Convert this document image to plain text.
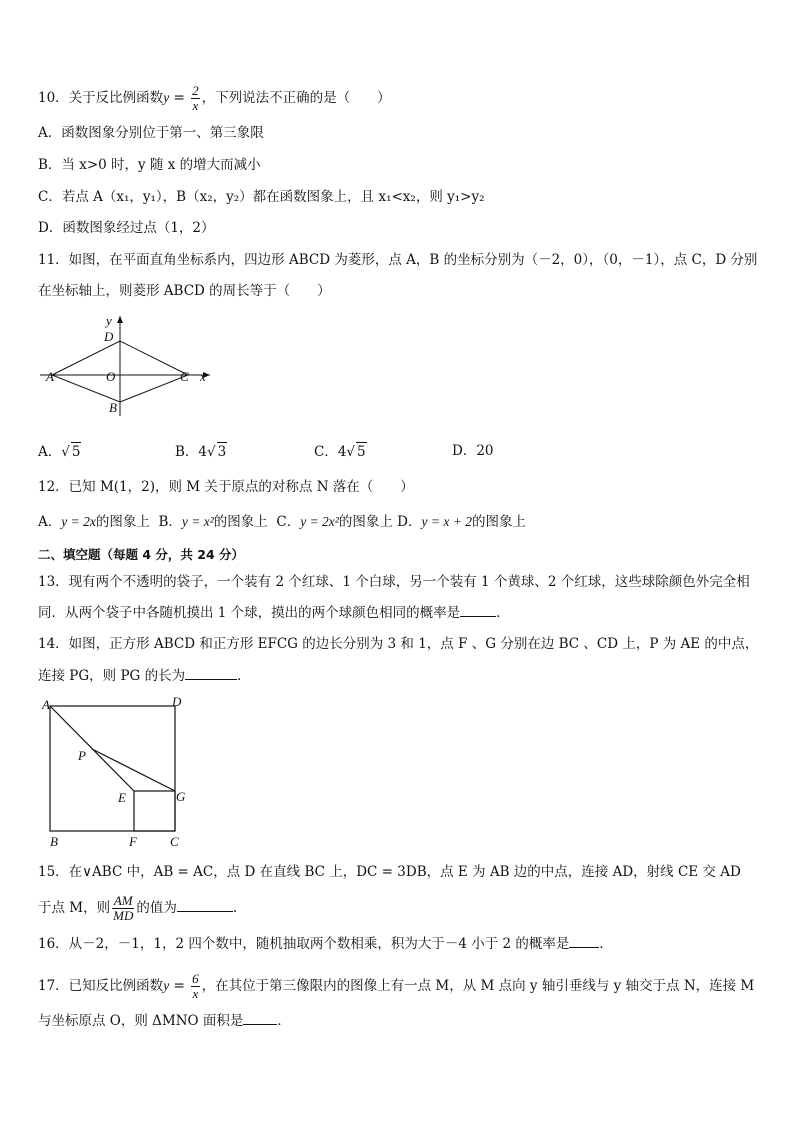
10．关于反比例函数$y = \frac{2}{x}$ ，下列说法不正确的是（　　）
A．函数图象分别位于第一、第三象限
B．当 x>0 时，y 随 x 的增大而减小
C．若点 A（x₁，y₁），B（x₂，y₂）都在函数图象上，且 x₁<x₂，则 y₁>y₂
D．函数图象经过点（1，2）
11．如图，在平面直角坐标系内，四边形 ABCD 为菱形，点 A，B 的坐标分别为（－2，0），（0，－1），点 C，D 分别
在坐标轴上，则菱形 ABCD 的周长等于（　　）
x
y
D
A	O	C
B
A．√ 5	B．4√ 3	C．4√ 5	D．20
12．已知 M(1，2)，则 M 关于原点的对称点 N 落在（　　）
A．y = 2x的图象上 B．y = x²的图象上 C．y = 2x²的图象上 D．y = x + 2的图象上
二、填空题（每题 4 分，共 24 分）
13．现有两个不透明的袋子，一个装有 2 个红球、1 个白球，另一个装有 1 个黄球、2 个红球，这些球除颜色外完全相
同．从两个袋子中各随机摸出 1 个球，摸出的两个球颜色相同的概率是	．
14．如图，正方形 ABCD 和正方形 EFCG 的边长分别为 3 和 1，点 F 、G 分别在边 BC 、CD 上，P 为 AE 的中点，
连接 PG，则 PG 的长为	．
A	D
P
E	G
B	F	C
15．在∨ABC 中，AB = AC，点 D 在直线 BC 上，DC = 3DB，点 E 为 AB 边的中点，连接 AD，射线 CE 交 AD
于点 M，则 $\frac{AM}{MD}$ 的值为	.
16．从－2，－1，1，2 四个数中，随机抽取两个数相乘，积为大于－4 小于 2 的概率是 ．
17．已知反比例函数$y = \frac{6}{x}$ ，在其位于第三像限内的图像上有一点 M，从 M 点向 y 轴引垂线与 y 轴交于点 N，连接 M
与坐标原点 O，则 ΔMNO 面积是	．
